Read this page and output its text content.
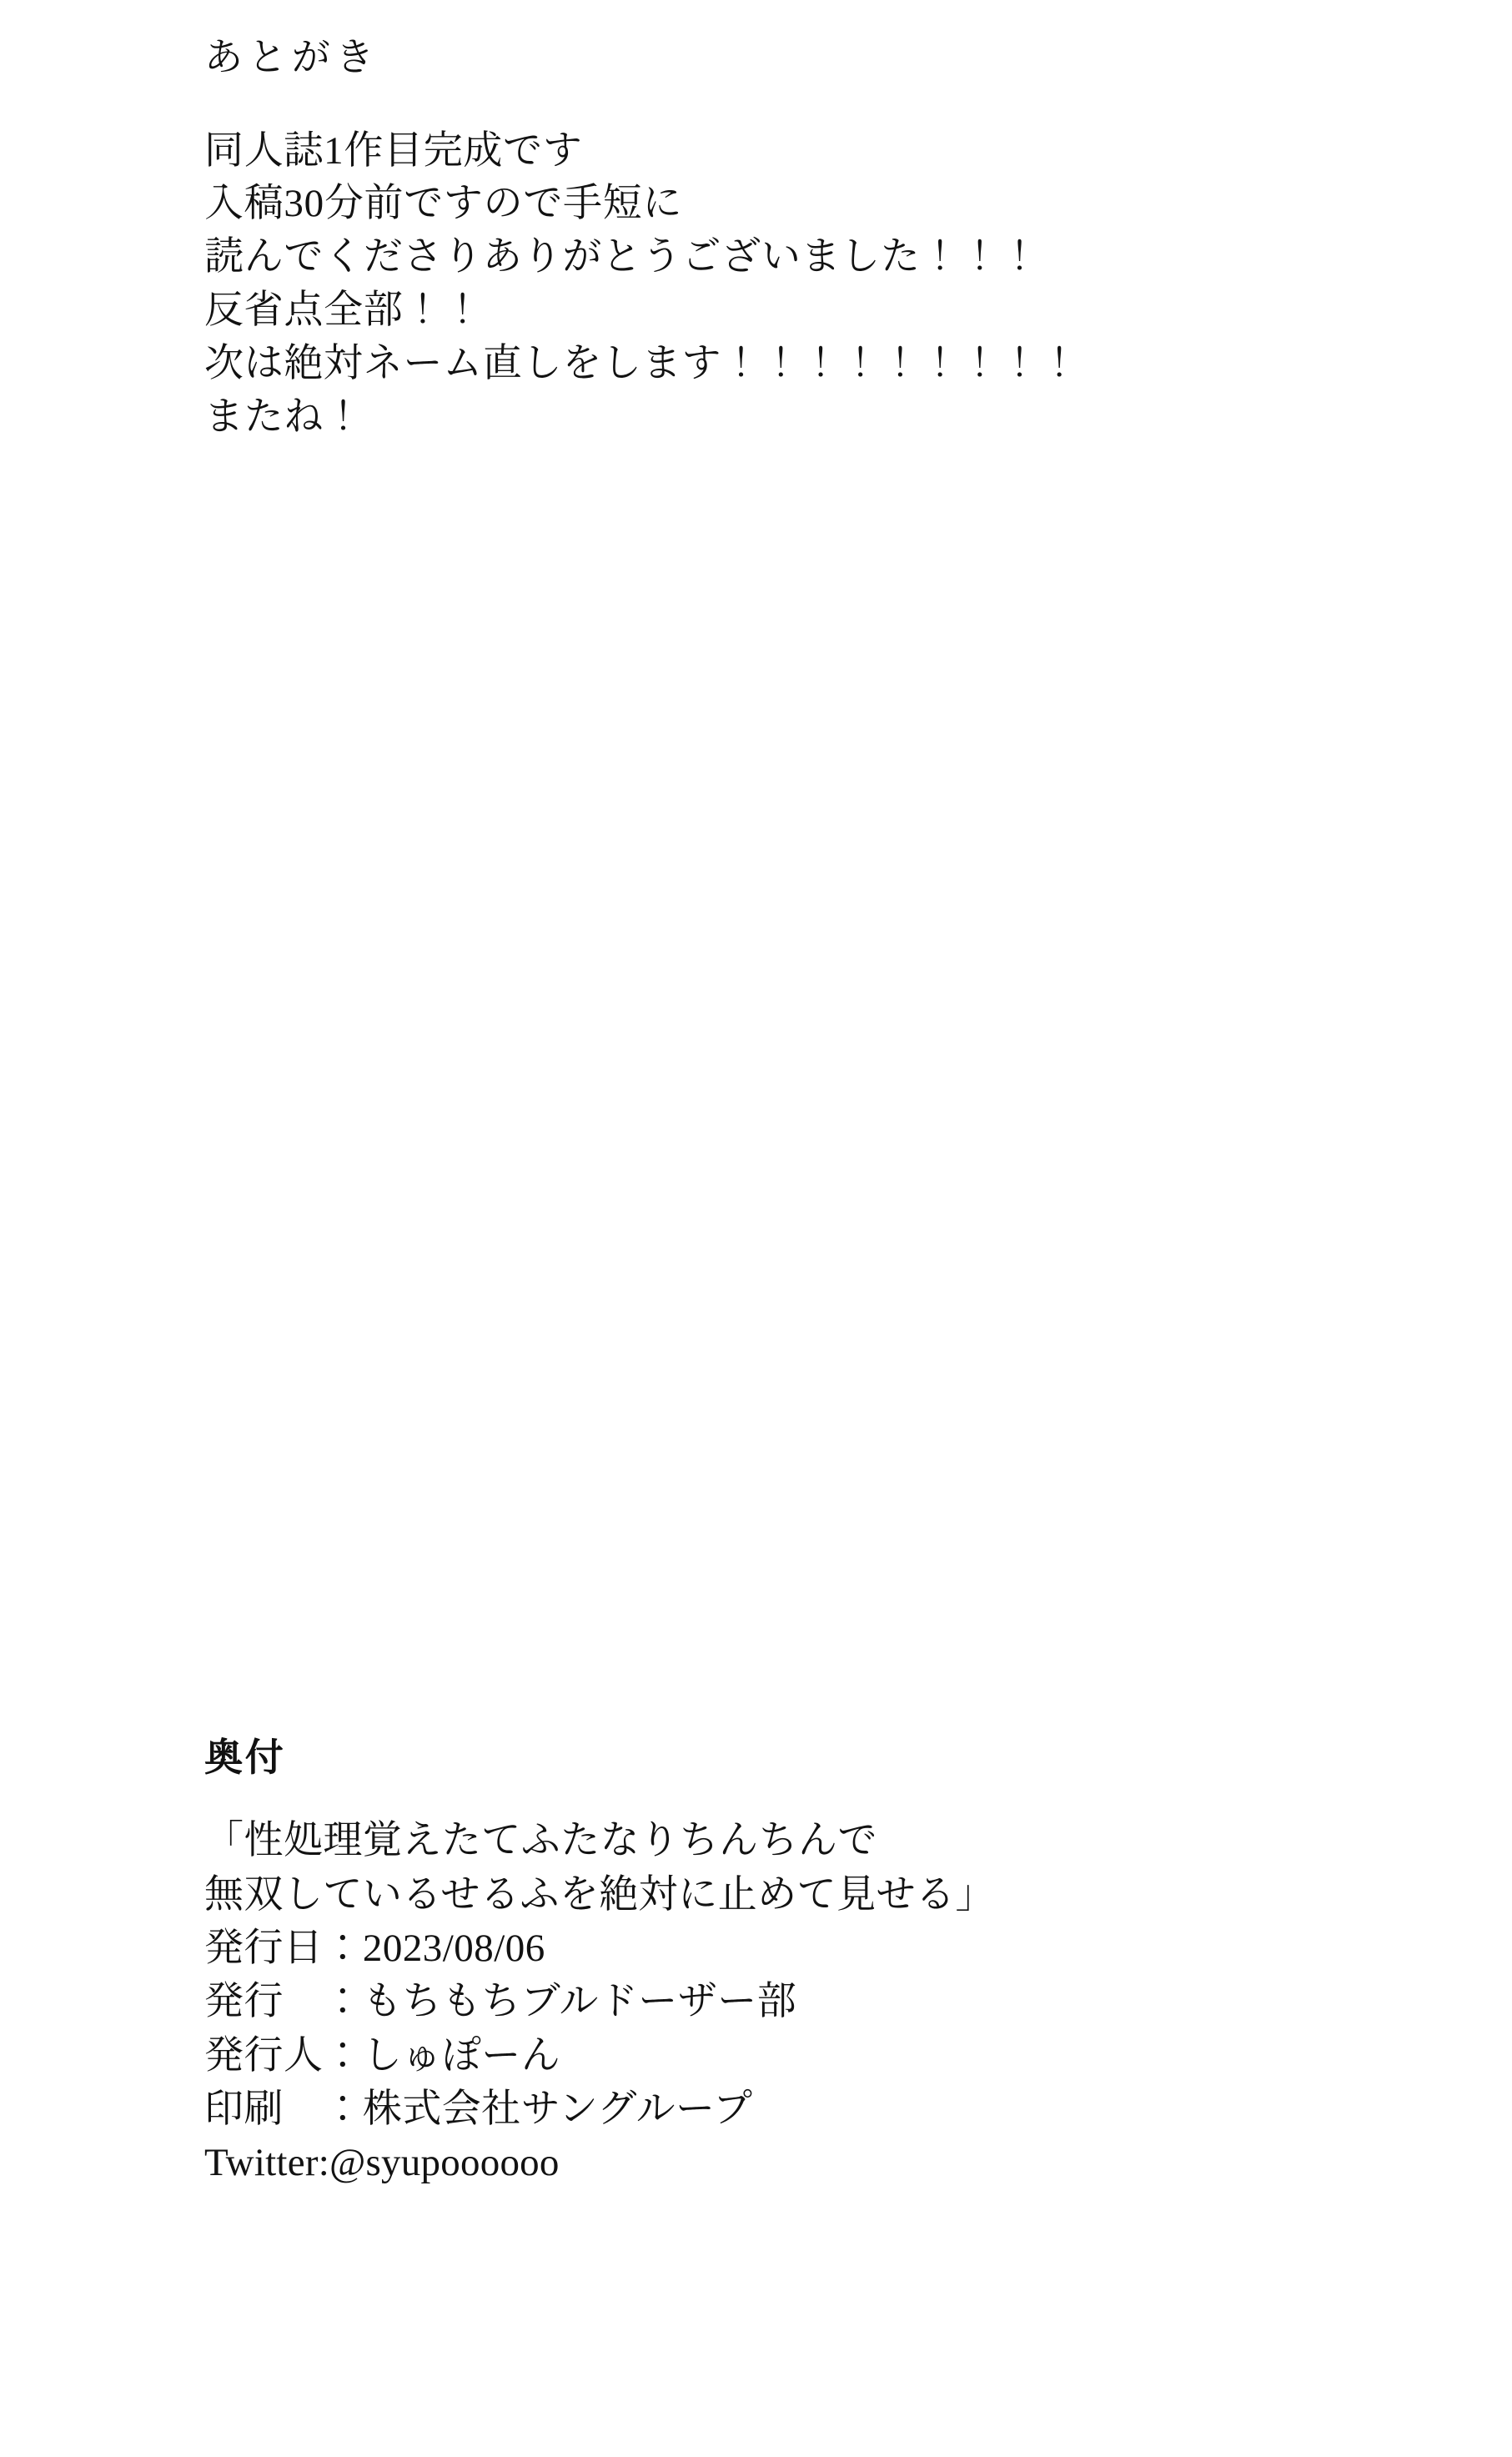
あとがき
同人誌1作目完成です
入稿30分前ですので手短に
読んでくださりありがとうございました！！！
反省点全部！！
次は絶対ネーム直しをします！！！！！！！！！
またね！
奥付
「性処理覚えたてふたなりちんちんで
無双しているせるふを絶対に止めて見せる」
発行日：2023/08/06
発行　：もちもちブルドーザー部
発行人：しゅぽーん
印刷　：株式会社サングループ
Twitter:@syupoooooo
